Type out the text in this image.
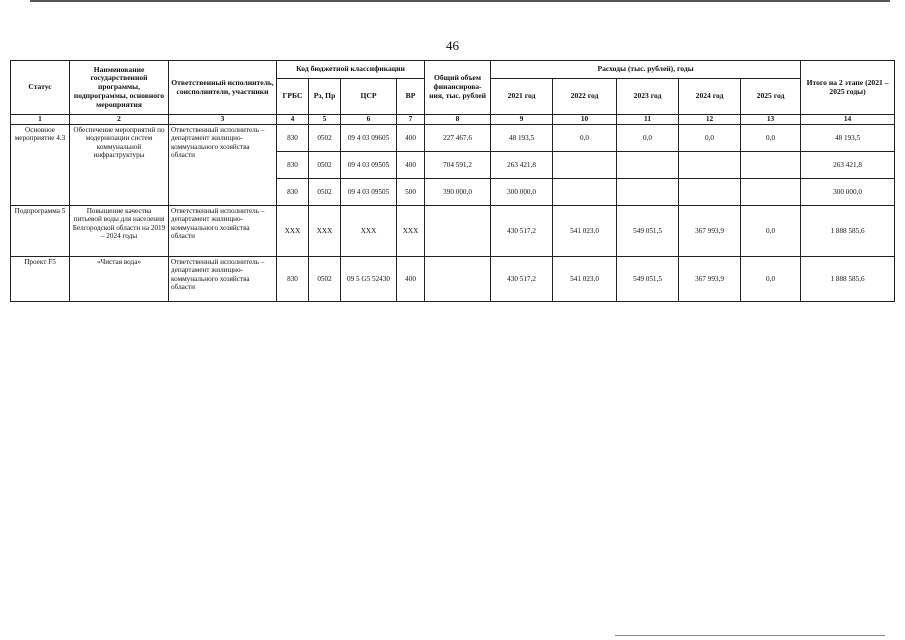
46
Статус	Наименование государственной программы, подпрограммы, основного мероприятия	Ответственный исполнитель, соисполнители, участники	Код бюджетной классификации				Общий объем финансирова-ния, тыс. рублей	Расходы (тыс. рублей), годы					Итого на 2 этапе (2021 – 2025 годы)
			ГРБС	Рз, Пр	ЦСР	ВР		2021 год	2022 год	2023 год	2024 год	2025 год	
1	2	3	4	5	6	7	8	9	10	11	12	13	14
Основное мероприятие 4.3	Обеспечение мероприятий по модернизации систем коммунальной инфраструктуры	Ответственный исполнитель – департамент жилищно-коммунального хозяйства области	830	0502	09 4 03 09605	400	227 467,6	48 193,5	0,0	0,0	0,0	0,0	48 193,5
			830	0502	09 4 03 09505	400	704 591,2	263 421,8					263 421,8
			830	0502	09 4 03 09505	500	390 000,0	300 000,0					300 000,0
Подпрограмма 5	Повышение качества питьевой воды для населения Белгородской области на 2019 – 2024 годы	Ответственный исполнитель – департамент жилищно-коммунального хозяйства области	ХХХ	ХХХ	ХХХ	ХХХ		430 517,2	541 023,0	549 051,5	367 993,9	0,0	1 888 585,6
Проект F5	«Чистая вода»	Ответственный исполнитель – департамент жилищно-коммунального хозяйства области	830	0502	09 5 G5 52430	400		430 517,2	541 023,0	549 051,5	367 993,9	0,0	1 888 585,6
